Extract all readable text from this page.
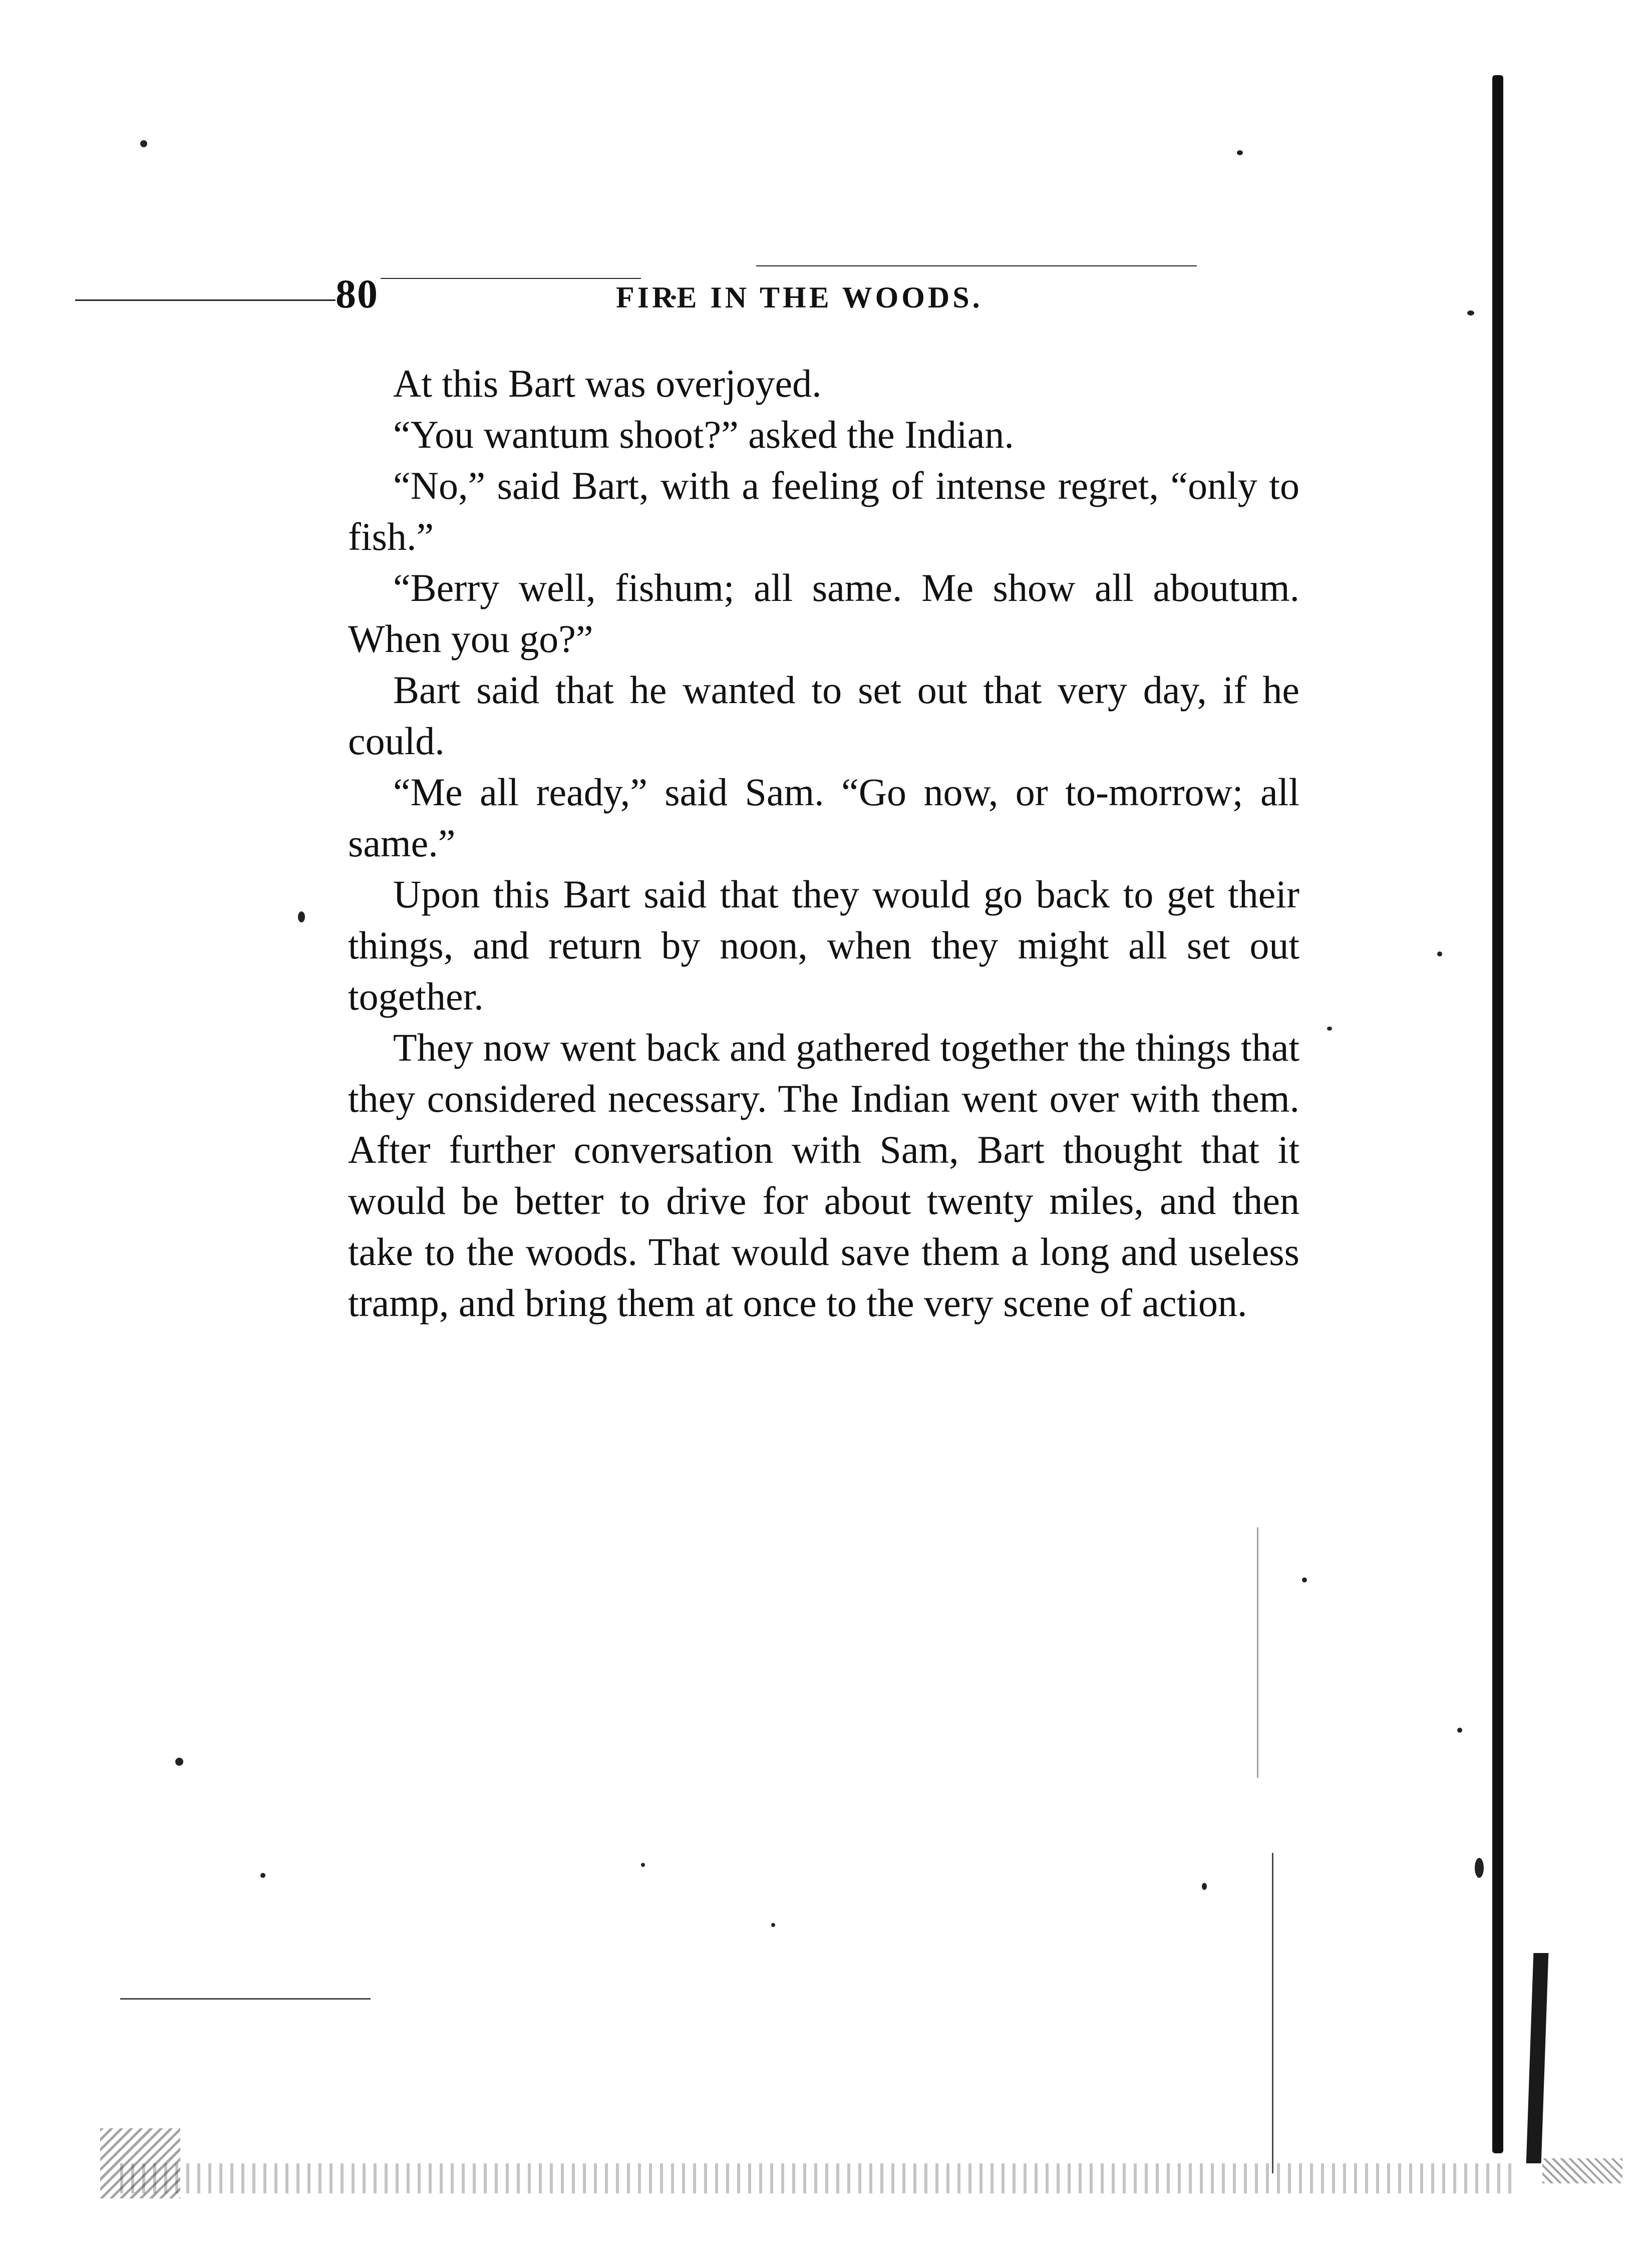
80	FIRE IN THE WOODS.

At this Bart was overjoyed.

“You wantum shoot?” asked the Indian.

“No,” said Bart, with a feeling of intense regret, “only to fish.”

“Berry well, fishum; all same. Me show all aboutum. When you go?”

Bart said that he wanted to set out that very day, if he could.

“Me all ready,” said Sam. “Go now, or to-morrow; all same.”

Upon this Bart said that they would go back to get their things, and return by noon, when they might all set out together.

They now went back and gathered together the things that they considered necessary. The Indian went over with them. After further conversation with Sam, Bart thought that it would be better to drive for about twenty miles, and then take to the woods. That would save them a long and useless tramp, and bring them at once to the very scene of action.
